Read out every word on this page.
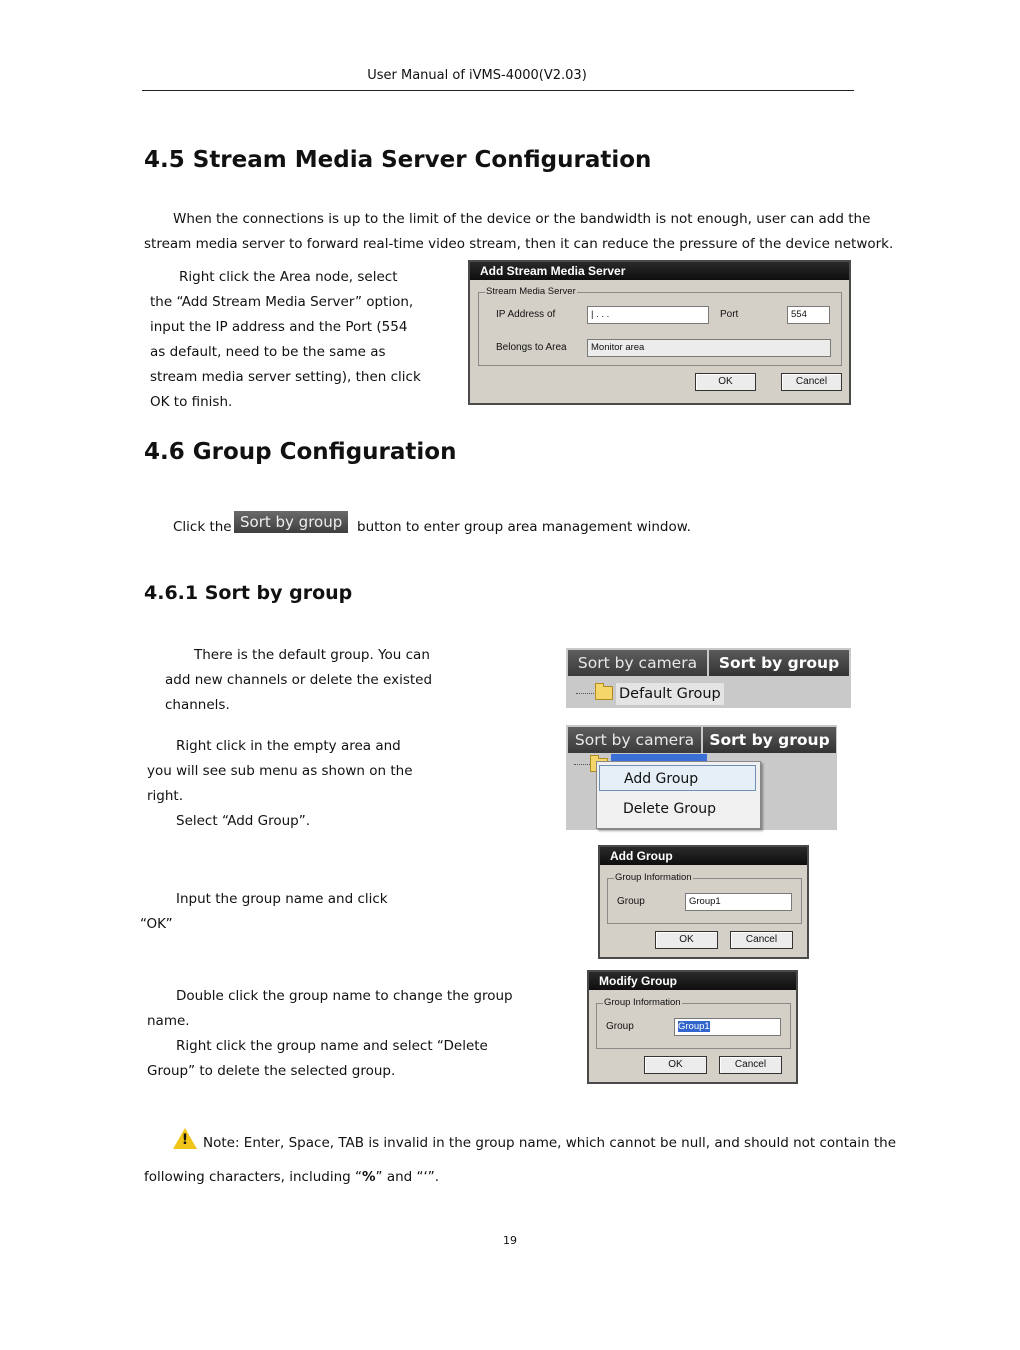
User Manual of iVMS-4000(V2.03)
4.5 Stream Media Server Configuration
When the connections is up to the limit of the device or the bandwidth is not enough, user can add the
stream media server to forward real-time video stream, then it can reduce the pressure of the device network.
Right click the Area node, select
the “Add Stream Media Server” option,
input the IP address and the Port (554
as default, need to be the same as
stream media server setting), then click
OK to finish.
Add Stream Media Server
Stream Media Server
IP Address of	| . . .	Port	554
Belongs to Area	Monitor area
OK	Cancel
4.6 Group Configuration
Click the Sort by group	button to enter group area management window.
4.6.1 Sort by group
There is the default group. You can
add new channels or delete the existed
channels.
Sort by camera	Sort by group
Default Group
Right click in the empty area and
you will see sub menu as shown on the
right.
Select “Add Group”.
Sort by camera Sort by group
Add Group
Delete Group
Input the group name and click
“OK”
Add Group
Group Information
Group	Group1
OK	Cancel
Double click the group name to change the group
name.
Right click the group name and select “Delete
Group” to delete the selected group.
Modify Group
Group Information
Group	Group1
OK	Cancel
!	Note: Enter, Space, TAB is invalid in the group name, which cannot be null, and should not contain the
following characters, including “%” and “‘”.
19
